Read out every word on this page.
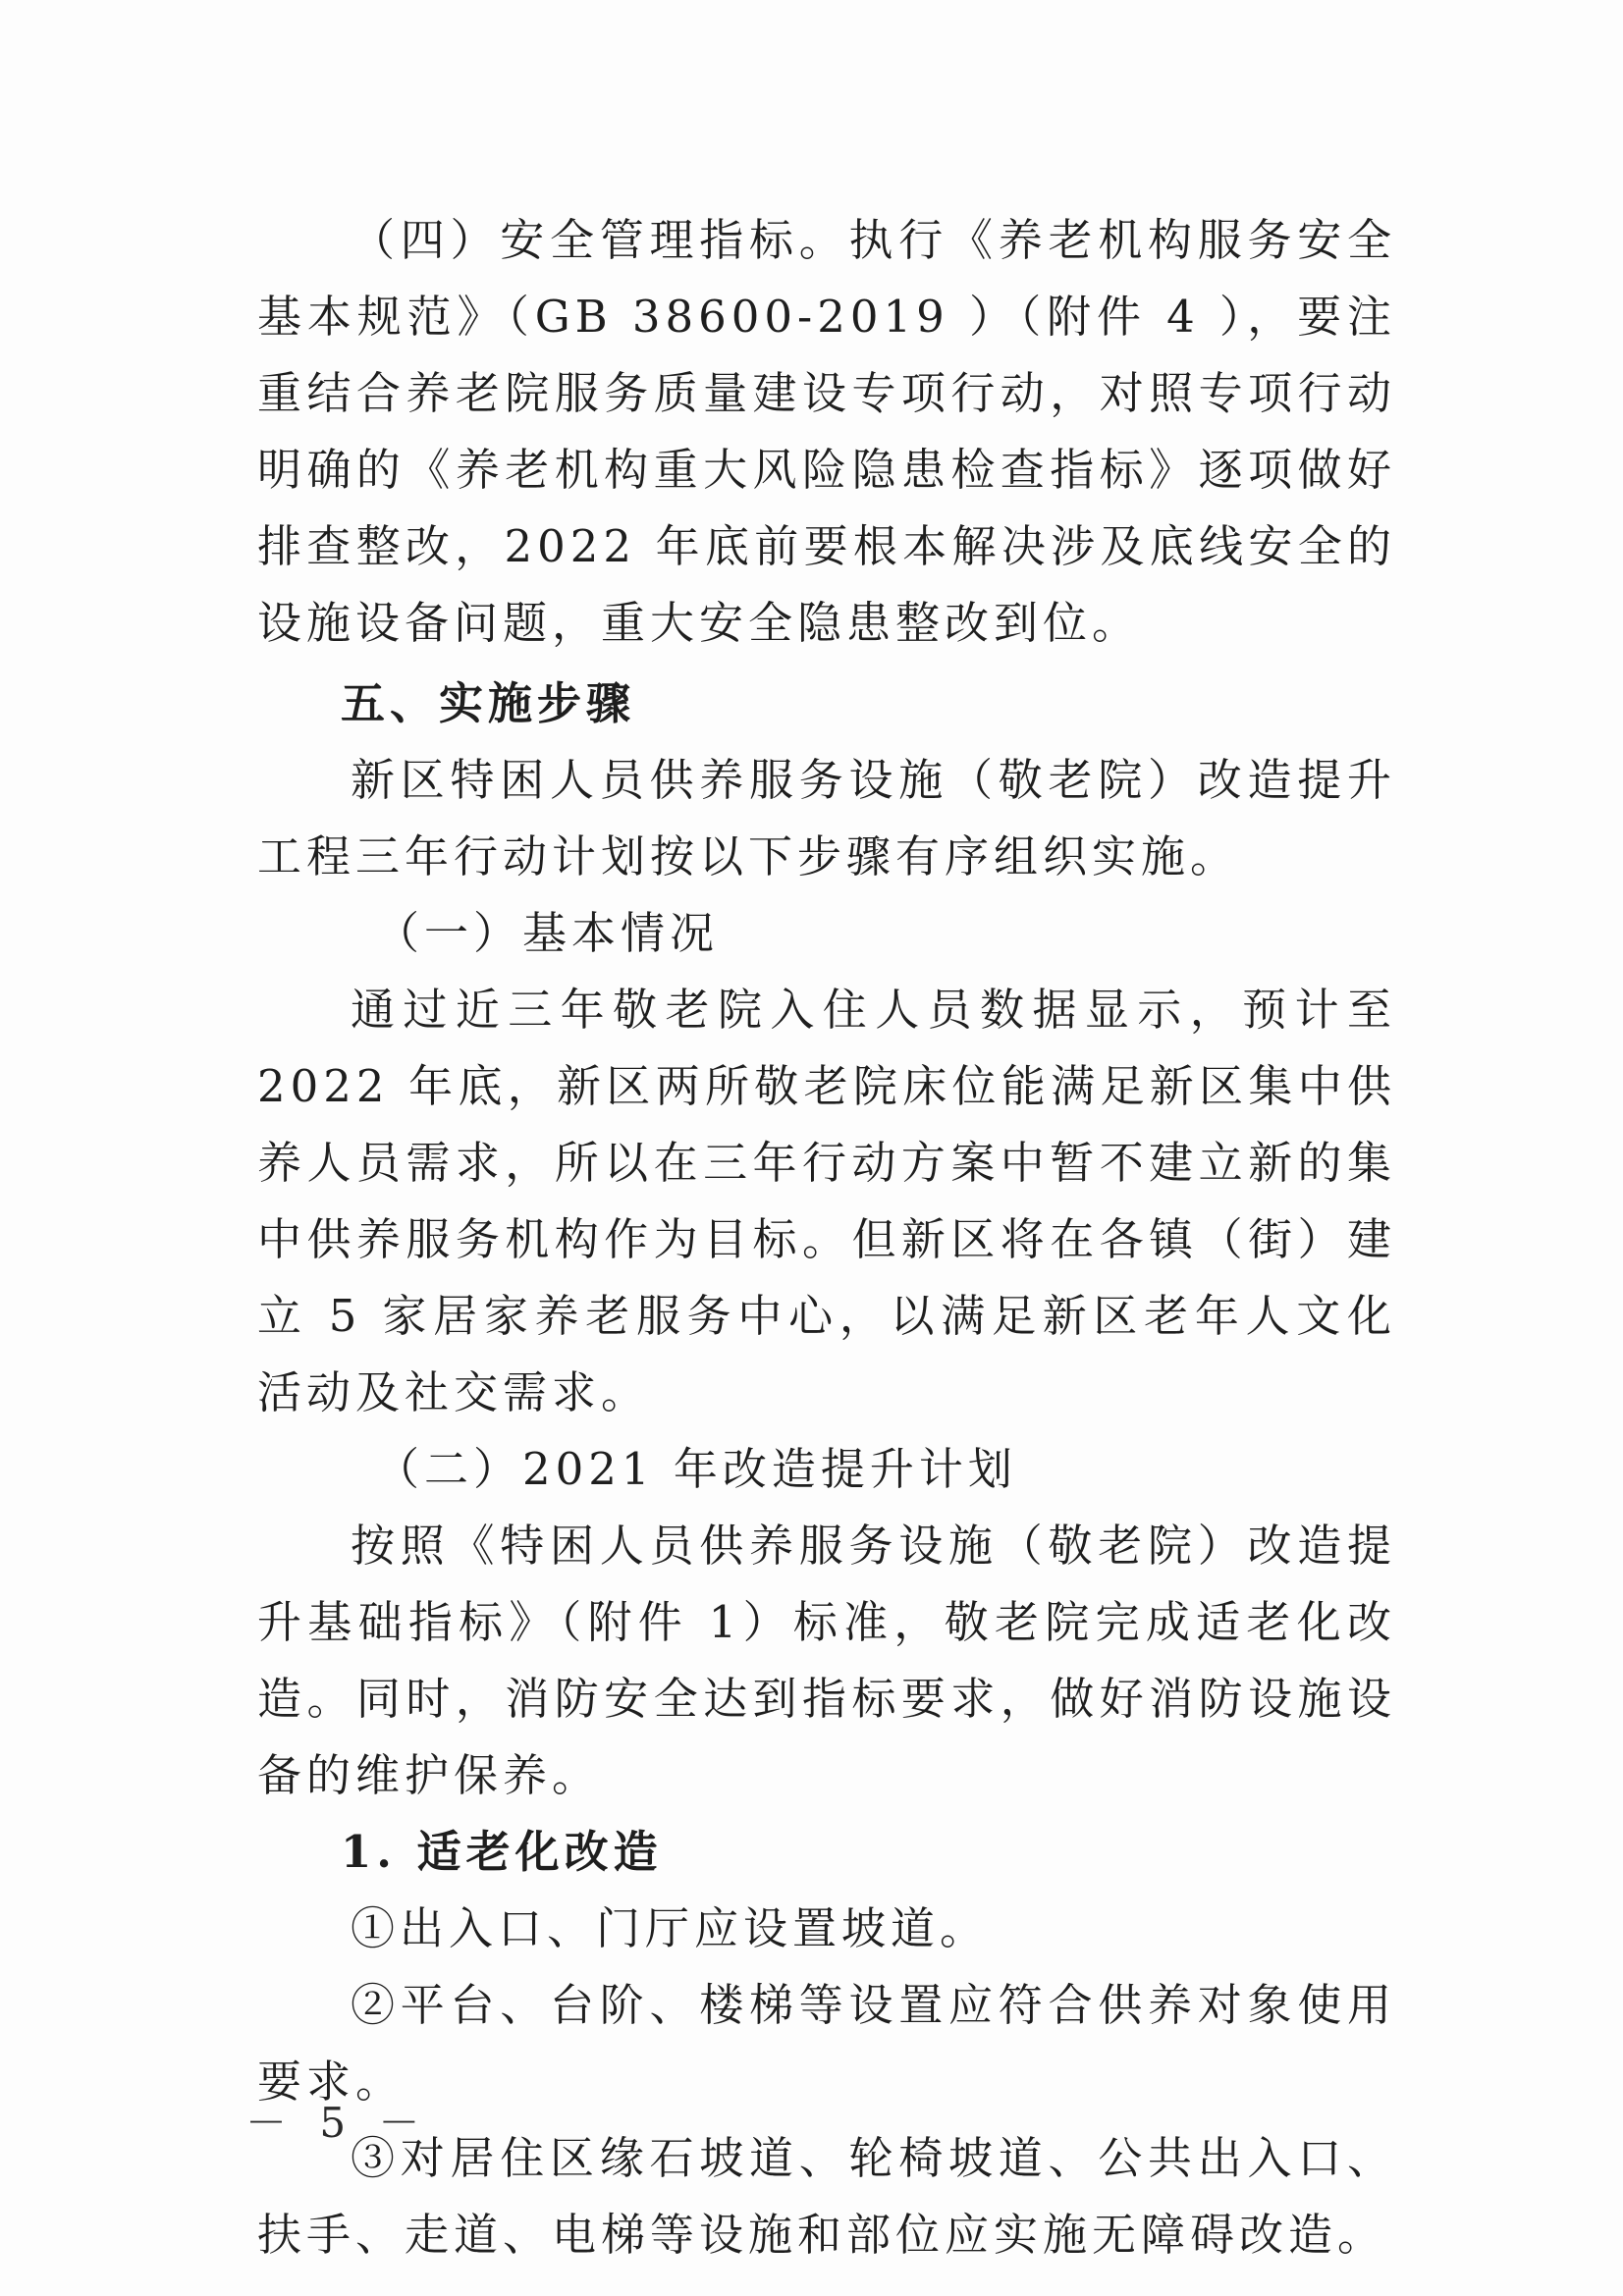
（四）安全管理指标。执行《养老机构服务安全基本规范》（GB 38600-2019 ）（附件 4 ），要注重结合养老院服务质量建设专项行动，对照专项行动明确的《养老机构重大风险隐患检查指标》逐项做好排查整改，2022 年底前要根本解决涉及底线安全的设施设备问题，重大安全隐患整改到位。

五、实施步骤

新区特困人员供养服务设施（敬老院）改造提升工程三年行动计划按以下步骤有序组织实施。

（一）基本情况

通过近三年敬老院入住人员数据显示，预计至 2022 年底，新区两所敬老院床位能满足新区集中供养人员需求，所以在三年行动方案中暂不建立新的集中供养服务机构作为目标。但新区将在各镇（街）建立 5 家居家养老服务中心，以满足新区老年人文化活动及社交需求。

（二）2021 年改造提升计划

按照《特困人员供养服务设施（敬老院）改造提升基础指标》（附件 1）标准，敬老院完成适老化改造。同时，消防安全达到指标要求，做好消防设施设备的维护保养。

1. 适老化改造

①出入口、门厅应设置坡道。

②平台、台阶、楼梯等设置应符合供养对象使用要求。

③对居住区缘石坡道、轮椅坡道、公共出入口、扶手、走道、电梯等设施和部位应实施无障碍改造。

－ 5 －
